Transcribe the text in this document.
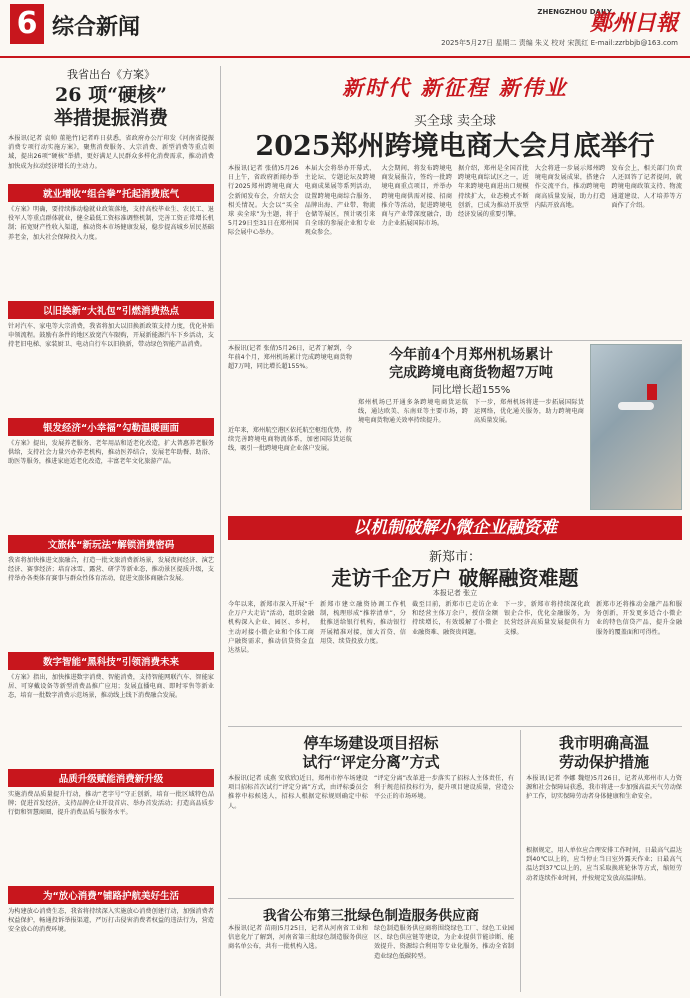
6 综合新闻
ZHENGZHOU DAILY
鄭州日報
2025年5月27日 星期二 责编 朱义 校对 宋凯红 E-mail:zzrbbjb@163.com
我省出台《方案》
26 项“硬核”
举措提振消费
本报讯(记者 袁帅 董艳竹)记者昨日获悉，省政府办公厅印发《河南省提振消费专项行动实施方案》，聚焦消费服务、大宗消费、新型消费等重点领域，提出26项“硬核”举措，更好满足人民群众多样化消费需求，推动消费加快成为拉动经济增长的主动力。
就业增收“组合拳”托起消费底气
《方案》明确，要持续推动稳就业政策落地，支持高校毕业生、农民工、退役军人等重点群体就业，健全最低工资标准调整机制，完善工资正常增长机制；拓宽财产性收入渠道，推动资本市场健康发展，稳步提高城乡居民基础养老金，加大社会保障投入力度。
以旧换新“大礼包”引燃消费热点
针对汽车、家电等大宗消费，我省将加大以旧换新政策支持力度，优化补贴申领流程。鼓励有条件的地区放宽汽车限购，开展新能源汽车下乡活动，支持老旧电梯、家装厨卫、电动自行车以旧换新，带动绿色智能产品消费。
银发经济“小幸福”勾勒温暖画面
《方案》提出，发展养老服务、老年用品和适老化改造，扩大普惠养老服务供给，支持社会力量兴办养老机构，推动医养结合，发展老年助餐、助浴、助医等服务，推进家庭适老化改造，丰富老年文化旅游产品。
文旅体“新玩法”解锁消费密码
我省将加快推进文旅融合，打造一批文旅消费新场景，发展夜间经济、演艺经济、赛事经济；培育冰雪、露营、研学等新业态，推动景区提质升级，支持举办各类体育赛事与群众性体育活动，促进文旅体商融合发展。
数字智能“黑科技”引领消费未来
《方案》指出，加快推进数字消费、智能消费，支持智能网联汽车、智能家居、可穿戴设备等新型消费品推广应用；发展直播电商、即时零售等新业态，培育一批数字消费示范场景，推动线上线下消费融合发展。
品质升级赋能消费新升级
实施消费品质量提升行动，推动“老字号”守正创新，培育一批区域特色品牌；促进首发经济，支持品牌企业开设首店、举办首发活动；打造高品质步行街和智慧商圈，提升消费品质与服务水平。
为“放心消费”铺路护航美好生活
为构建放心消费生态，我省将持续深入实施放心消费创建行动，加强消费者权益保护，畅通投诉举报渠道，严厉打击侵害消费者权益的违法行为，营造安全放心的消费环境。
新时代 新征程 新伟业
买全球 卖全球
2025郑州跨境电商大会月底举行
本报讯(记者 张倩)5月26日上午，省政府新闻办举行2025郑州跨境电商大会新闻发布会，介绍大会相关情况。大会以“买全球 卖全球”为主题，将于5月29日至31日在郑州国际会展中心举办。
本届大会将举办开幕式、主论坛、专题论坛及跨境电商成果展等系列活动，设置跨境电商综合服务、品牌出海、产业带、物流仓储等展区，预计吸引来自全球的参展企业和专业观众参会。
大会期间，将发布跨境电商发展报告，签约一批跨境电商重点项目，并举办跨境电商供需对接、招商推介等活动，促进跨境电商与产业带深度融合，助力企业拓展国际市场。
据介绍，郑州是全国首批跨境电商综试区之一，近年来跨境电商进出口规模持续扩大，业态模式不断创新，已成为推动开放型经济发展的重要引擎。
大会将进一步展示郑州跨境电商发展成果，搭建合作交流平台，推动跨境电商高质量发展，助力打造内陆开放高地。
发布会上，相关部门负责人还回答了记者提问，就跨境电商政策支持、物流通道建设、人才培养等方面作了介绍。
本报讯(记者 张倩)5月26日，记者了解到，今年前4个月，郑州机场累计完成跨境电商货物超7万吨，同比增长超155%。
近年来，郑州航空港区依托航空枢纽优势，持续完善跨境电商物流体系，加密国际货运航线，吸引一批跨境电商企业落户发展。
今年前4个月郑州机场累计
完成跨境电商货物超7万吨
同比增长超155%
郑州机场已开通多条跨境电商货运航线，通达欧美、东南亚等主要市场，跨境电商货物通关效率持续提升。
下一步，郑州机场将进一步拓展国际货运网络，优化通关服务，助力跨境电商高质量发展。
以机制破解小微企业融资难
新郑市：
走访千企万户 破解融资难题
本报记者 张立
今年以来，新郑市深入开展“千企万户大走访”活动，组织金融机构深入企业、园区、乡村，主动对接小微企业和个体工商户融资需求，推动信贷资金直达基层。
新郑市建立融资协调工作机制，梳理形成“推荐清单”，分批推送给银行机构，推动银行开展精准对接，加大首贷、信用贷、续贷投放力度。
截至目前，新郑市已走访企业和经营主体万余户，授信金额持续增长，有效缓解了小微企业融资难、融资贵问题。
下一步，新郑市将持续深化政银企合作，优化金融服务，为民营经济高质量发展提供有力支撑。
新郑市还将推动金融产品和服务创新，开发更多适合小微企业的特色信贷产品，提升金融服务的覆盖面和可得性。
停车场建设项目招标
试行“评定分离”方式
本报讯(记者 成燕 安欣欣)近日，郑州市停车场建设项目招标首次试行“评定分离”方式，由评标委员会推荐中标候选人，招标人根据定标规则确定中标人。
“评定分离”改革进一步落实了招标人主体责任，有利于规范招投标行为，提升项目建设质量，营造公平公正的市场环境。
我市明确高温
劳动保护措施
本报讯(记者 李娜 魏煜)5月26日，记者从郑州市人力资源和社会保障局获悉，我市将进一步加强高温天气劳动保护工作，切实保障劳动者身体健康和生命安全。
根据规定，用人单位应合理安排工作时间，日最高气温达到40℃以上的，应当停止当日室外露天作业；日最高气温达到37℃以上的，应当采取换班轮休等方式，缩短劳动者连续作业时间，并按规定发放高温津贴。
我省公布第三批绿色制造服务供应商
本报讯(记者 苗雨)5月25日，记者从河南省工业和信息化厅了解到，河南省第三批绿色制造服务供应商名单公布，共有一批机构入选。
绿色制造服务供应商将围绕绿色工厂、绿色工业园区、绿色供应链等建设，为企业提供节能诊断、能效提升、资源综合利用等专业化服务，推动全省制造业绿色低碳转型。
